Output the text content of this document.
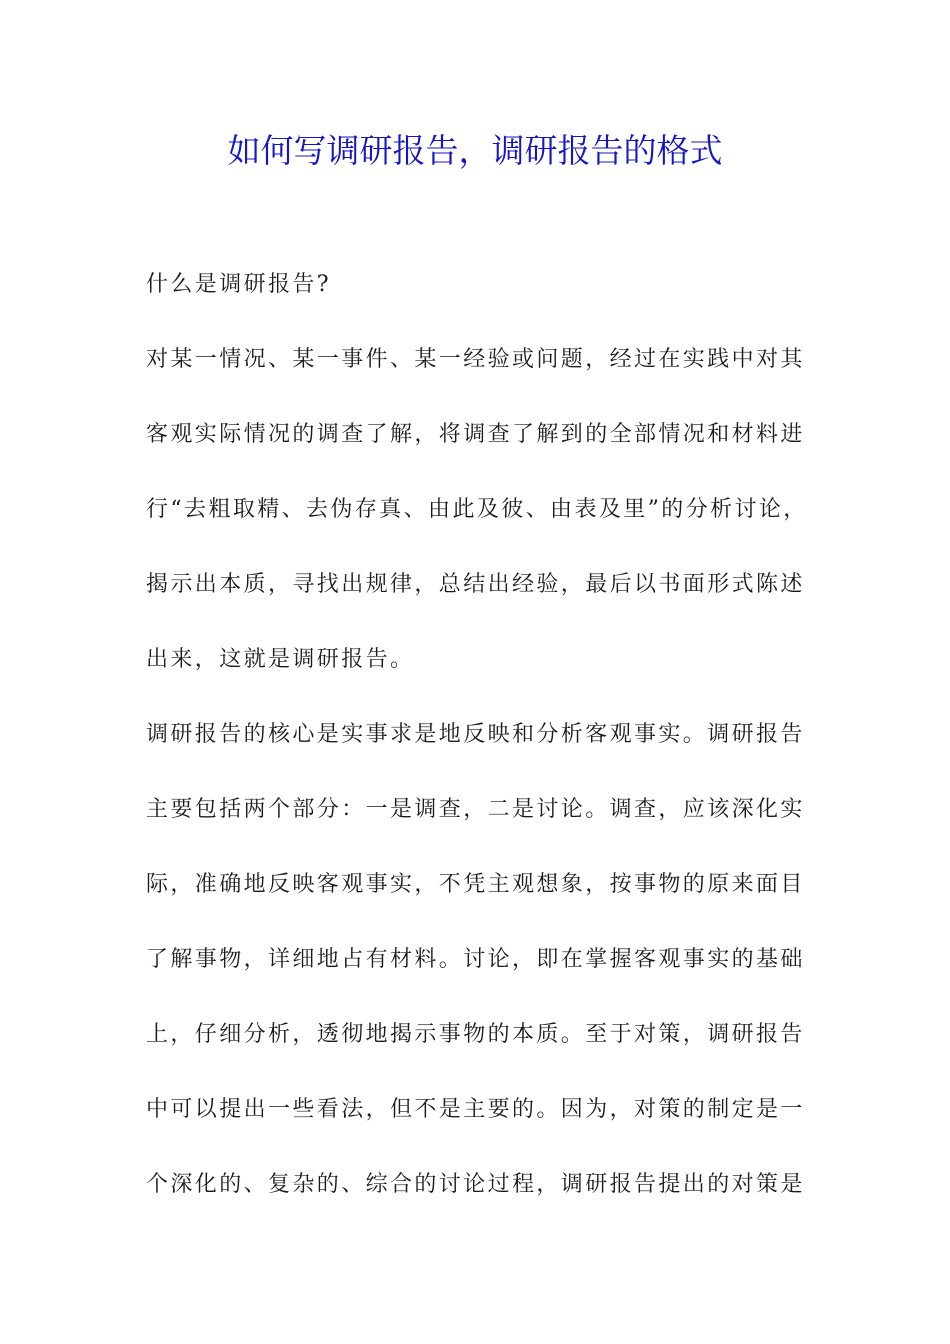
如何写调研报告，调研报告的格式
什么是调研报告?
对某一情况、某一事件、某一经验或问题，经过在实践中对其
客观实际情况的调查了解，将调查了解到的全部情况和材料进
行“去粗取精、去伪存真、由此及彼、由表及里”的分析讨论，
揭示出本质，寻找出规律，总结出经验，最后以书面形式陈述
出来，这就是调研报告。
调研报告的核心是实事求是地反映和分析客观事实。调研报告
主要包括两个部分：一是调查，二是讨论。调查，应该深化实
际，准确地反映客观事实，不凭主观想象，按事物的原来面目
了解事物，详细地占有材料。讨论，即在掌握客观事实的基础
上，仔细分析，透彻地揭示事物的本质。至于对策，调研报告
中可以提出一些看法，但不是主要的。因为，对策的制定是一
个深化的、复杂的、综合的讨论过程，调研报告提出的对策是
